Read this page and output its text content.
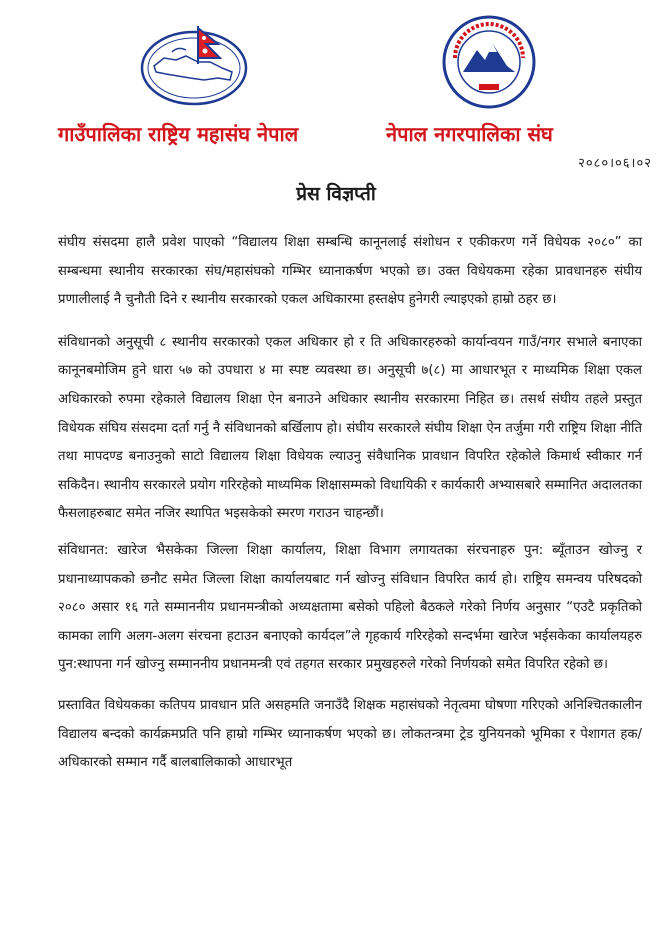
गाउँपालिका राष्ट्रिय महासंघ नेपाल	नेपाल नगरपालिका संघ
२०८०।०६।०२
प्रेस विज्ञप्ती

संघीय संसदमा हालै प्रवेश पाएको “विद्यालय शिक्षा सम्बन्धि कानूनलाई संशोधन र एकीकरण गर्ने विधेयक २०८०” का सम्बन्धमा स्थानीय सरकारका संघ/महासंघको गम्भिर ध्यानाकर्षण भएको छ। उक्त विधेयकमा रहेका प्रावधानहरु संघीय प्रणालीलाई नै चुनौती दिने र स्थानीय सरकारको एकल अधिकारमा हस्तक्षेप हुनेगरी ल्याइएको हाम्रो ठहर छ।

संविधानको अनुसूची ८ स्थानीय सरकारको एकल अधिकार हो र ति अधिकारहरुको कार्यान्वयन गाउँ/नगर सभाले बनाएका कानूनबमोजिम हुने धारा ५७ को उपधारा ४ मा स्पष्ट व्यवस्था छ। अनुसूची ७(८) मा आधारभूत र माध्यमिक शिक्षा एकल अधिकारको रुपमा रहेकाले विद्यालय शिक्षा ऐन बनाउने अधिकार स्थानीय सरकारमा निहित छ। तसर्थ संघीय तहले प्रस्तुत विधेयक संघिय संसदमा दर्ता गर्नु नै संविधानको बर्खिलाप हो। संघीय सरकारले संघीय शिक्षा ऐन तर्जुमा गरी राष्ट्रिय शिक्षा नीति तथा मापदण्ड बनाउनुको साटो विद्यालय शिक्षा विधेयक ल्याउनु संवैधानिक प्रावधान विपरित रहेकोले किमार्थ स्वीकार गर्न सकिदैन। स्थानीय सरकारले प्रयोग गरिरहेको माध्यमिक शिक्षासम्मको विधायिकी र कार्यकारी अभ्यासबारे सम्मानित अदालतका फैसलाहरुबाट समेत नजिर स्थापित भइसकेको स्मरण गराउन चाहन्छौं।

संविधानत: खारेज भैसकेका जिल्ला शिक्षा कार्यालय, शिक्षा विभाग लगायतका संरचनाहरु पुन: ब्यूँताउन खोज्नु र प्रधानाध्यापकको छनौट समेत जिल्ला शिक्षा कार्यालयबाट गर्न खोज्नु संविधान विपरित कार्य हो। राष्ट्रिय समन्वय परिषदको २०८० असार १६ गते सम्माननीय प्रधानमन्त्रीको अध्यक्षतामा बसेको पहिलो बैठकले गरेको निर्णय अनुसार “एउटै प्रकृतिको कामका लागि अलग-अलग संरचना हटाउन बनाएको कार्यदल”ले गृहकार्य गरिरहेको सन्दर्भमा खारेज भईसकेका कार्यालयहरु पुन:स्थापना गर्न खोज्नु सम्माननीय प्रधानमन्त्री एवं तहगत सरकार प्रमुखहरुले गरेको निर्णयको समेत विपरित रहेको छ।

प्रस्तावित विधेयकका कतिपय प्रावधान प्रति असहमति जनाउँदै शिक्षक महासंघको नेतृत्वमा घोषणा गरिएको अनिश्चितकालीन विद्यालय बन्दको कार्यक्रमप्रति पनि हाम्रो गम्भिर ध्यानाकर्षण भएको छ। लोकतन्त्रमा ट्रेड युनियनको भूमिका र पेशागत हक/अधिकारको सम्मान गर्दै बालबालिकाको आधारभूत
